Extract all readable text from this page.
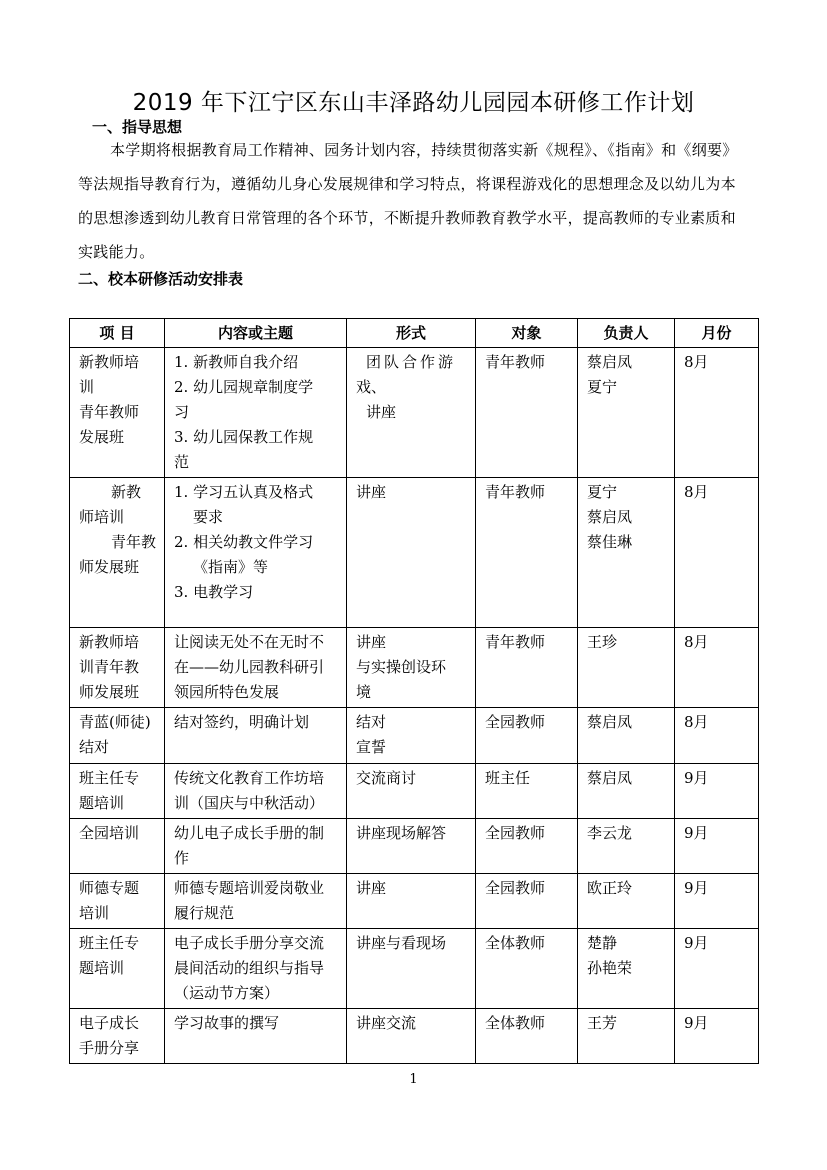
2019 年下江宁区东山丰泽路幼儿园园本研修工作计划
一、指导思想

本学期将根据教育局工作精神、园务计划内容，持续贯彻落实新《规程》、《指南》和《纲要》等法规指导教育行为，遵循幼儿身心发展规律和学习特点，将课程游戏化的思想理念及以幼儿为本的思想渗透到幼儿教育日常管理的各个环节，不断提升教师教育教学水平，提高教师的专业素质和实践能力。

二、校本研修活动安排表
项 目	内容或主题	形式	对象	负责人	月份

新教师培
训
青年教师
发展班	1. 新教师自我介绍
2. 幼儿园规章制度学
习
3. 幼儿园保教工作规
范	团队合作游
戏、
讲座	青年教师	蔡启凤
夏宁	8月

新教
师培训
青年教
师发展班	1. 学习五认真及格式
要求
2. 相关幼教文件学习
《指南》等
3. 电教学习	讲座	青年教师	夏宁
蔡启凤
蔡佳琳	8月

新教师培
训青年教
师发展班	让阅读无处不在无时不
在——幼儿园教科研引
领园所特色发展	讲座
与实操创设环
境	青年教师	王珍	8月

青蓝(师徒)
结对	结对签约，明确计划	结对
宣誓	全园教师	蔡启凤	8月

班主任专
题培训	传统文化教育工作坊培
训（国庆与中秋活动）	交流商讨	班主任	蔡启凤	9月

全园培训	幼儿电子成长手册的制
作	讲座现场解答	全园教师	李云龙	9月

师德专题
培训	师德专题培训爱岗敬业
履行规范	讲座	全园教师	欧正玲	9月

班主任专
题培训	电子成长手册分享交流
晨间活动的组织与指导
（运动节方案）	讲座与看现场	全体教师	楚静
孙艳荣	9月

电子成长
手册分享	学习故事的撰写	讲座交流	全体教师	王芳	9月
1
